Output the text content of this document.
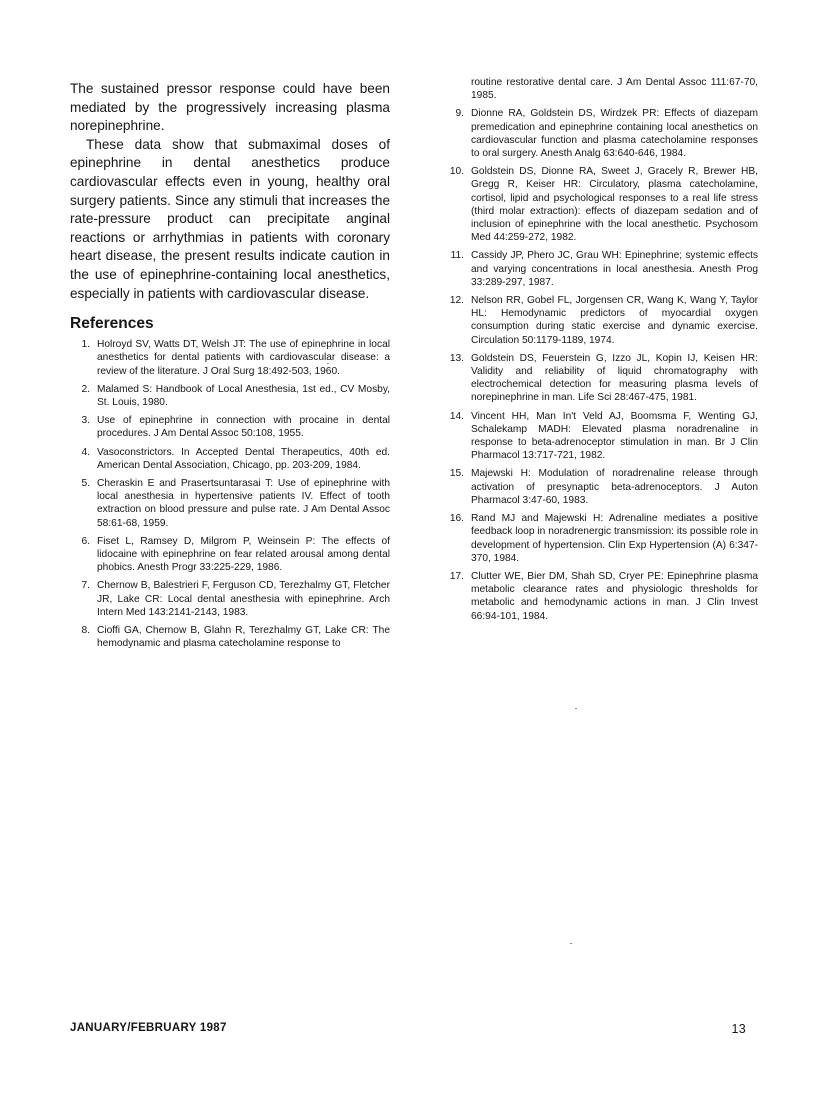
The sustained pressor response could have been mediated by the progressively increasing plasma norepinephrine.

These data show that submaximal doses of epinephrine in dental anesthetics produce cardiovascular effects even in young, healthy oral surgery patients. Since any stimuli that increases the rate-pressure product can precipitate anginal reactions or arrhythmias in patients with coronary heart disease, the present results indicate caution in the use of epinephrine-containing local anesthetics, especially in patients with cardiovascular disease.

References
1. Holroyd SV, Watts DT, Welsh JT: The use of epinephrine in local anesthetics for dental patients with cardiovascular disease: a review of the literature. J Oral Surg 18:492-503, 1960.
2. Malamed S: Handbook of Local Anesthesia, 1st ed., CV Mosby, St. Louis, 1980.
3. Use of epinephrine in connection with procaine in dental procedures. J Am Dental Assoc 50:108, 1955.
4. Vasoconstrictors. In Accepted Dental Therapeutics, 40th ed. American Dental Association, Chicago, pp. 203-209, 1984.
5. Cheraskin E and Prasertsuntarasai T: Use of epinephrine with local anesthesia in hypertensive patients IV. Effect of tooth extraction on blood pressure and pulse rate. J Am Dental Assoc 58:61-68, 1959.
6. Fiset L, Ramsey D, Milgrom P, Weinsein P: The effects of lidocaine with epinephrine on fear related arousal among dental phobics. Anesth Progr 33:225-229, 1986.
7. Chernow B, Balestrieri F, Ferguson CD, Terezhalmy GT, Fletcher JR, Lake CR: Local dental anesthesia with epinephrine. Arch Intern Med 143:2141-2143, 1983.
8. Cioffi GA, Chernow B, Glahn R, Terezhalmy GT, Lake CR: The hemodynamic and plasma catecholamine response to
routine restorative dental care. J Am Dental Assoc 111:67-70, 1985.
9. Dionne RA, Goldstein DS, Wirdzek PR: Effects of diazepam premedication and epinephrine containing local anesthetics on cardiovascular function and plasma catecholamine responses to oral surgery. Anesth Analg 63:640-646, 1984.
10. Goldstein DS, Dionne RA, Sweet J, Gracely R, Brewer HB, Gregg R, Keiser HR: Circulatory, plasma catecholamine, cortisol, lipid and psychological responses to a real life stress (third molar extraction): effects of diazepam sedation and of inclusion of epinephrine with the local anesthetic. Psychosom Med 44:259-272, 1982.
11. Cassidy JP, Phero JC, Grau WH: Epinephrine; systemic effects and varying concentrations in local anesthesia. Anesth Prog 33:289-297, 1987.
12. Nelson RR, Gobel FL, Jorgensen CR, Wang K, Wang Y, Taylor HL: Hemodynamic predictors of myocardial oxygen consumption during static exercise and dynamic exercise. Circulation 50:1179-1189, 1974.
13. Goldstein DS, Feuerstein G, Izzo JL, Kopin IJ, Keisen HR: Validity and reliability of liquid chromatography with electrochemical detection for measuring plasma levels of norepinephrine in man. Life Sci 28:467-475, 1981.
14. Vincent HH, Man In't Veld AJ, Boomsma F, Wenting GJ, Schalekamp MADH: Elevated plasma noradrenaline in response to beta-adrenoceptor stimulation in man. Br J Clin Pharmacol 13:717-721, 1982.
15. Majewski H: Modulation of noradrenaline release through activation of presynaptic beta-adrenoceptors. J Auton Pharmacol 3:47-60, 1983.
16. Rand MJ and Majewski H: Adrenaline mediates a positive feedback loop in noradrenergic transmission: its possible role in development of hypertension. Clin Exp Hypertension (A) 6:347-370, 1984.
17. Clutter WE, Bier DM, Shah SD, Cryer PE: Epinephrine plasma metabolic clearance rates and physiologic thresholds for metabolic and hemodynamic actions in man. J Clin Invest 66:94-101, 1984.
JANUARY/FEBRUARY 1987	13
